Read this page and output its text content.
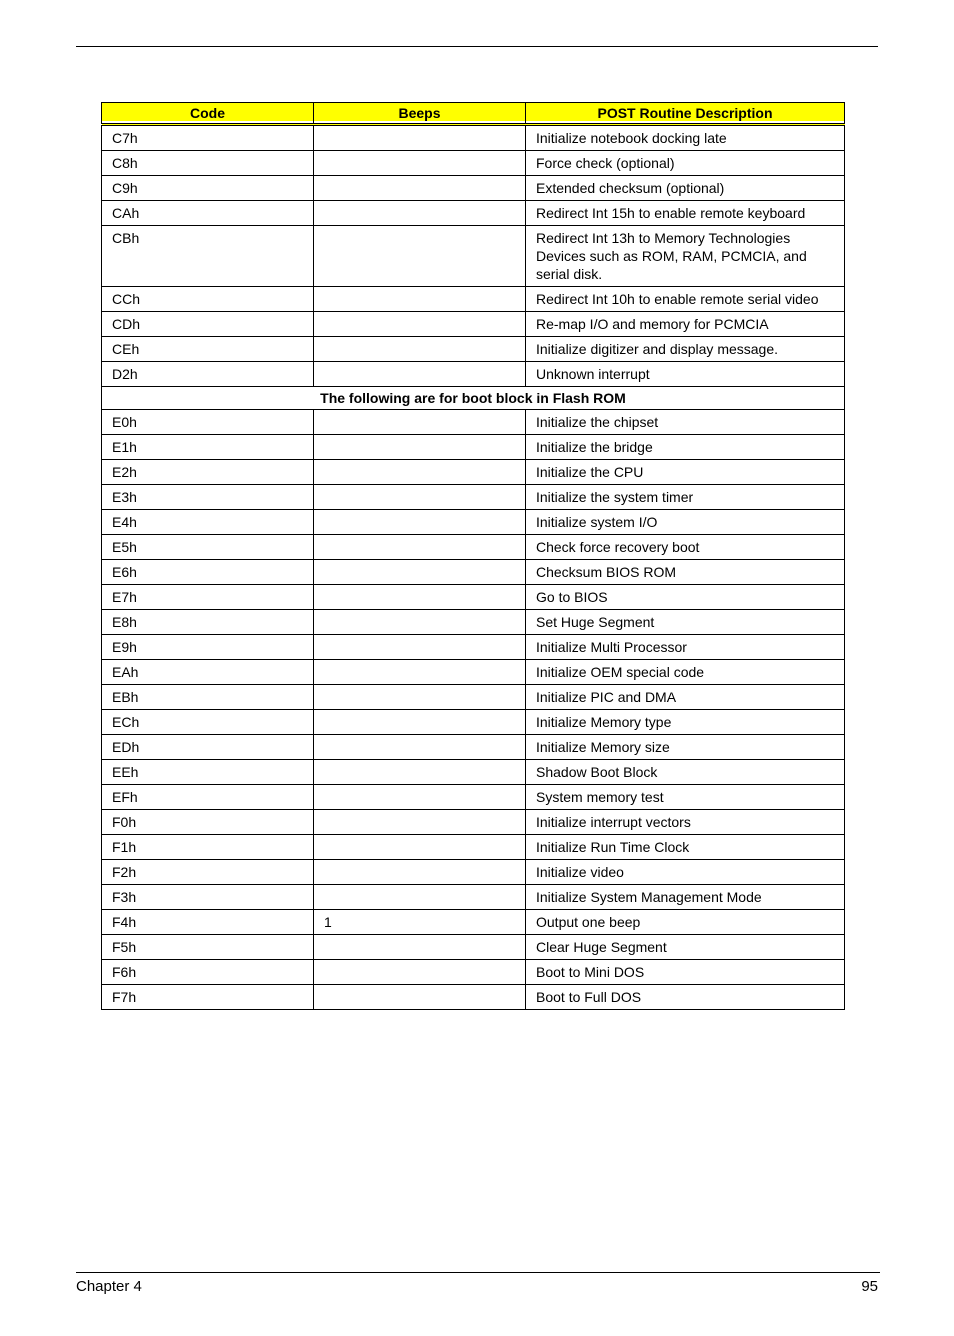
Code	Beeps	POST Routine Description
C7h		Initialize notebook docking late
C8h		Force check (optional)
C9h		Extended checksum (optional)
CAh		Redirect Int 15h to enable remote keyboard
CBh		Redirect Int 13h to Memory Technologies Devices such as ROM, RAM, PCMCIA, and serial disk.
CCh		Redirect Int 10h to enable remote serial video
CDh		Re-map I/O and memory for PCMCIA
CEh		Initialize digitizer and display message.
D2h		Unknown interrupt
The following are for boot block in Flash ROM		
E0h		Initialize the chipset
E1h		Initialize the bridge
E2h		Initialize the CPU
E3h		Initialize the system timer
E4h		Initialize system I/O
E5h		Check force recovery boot
E6h		Checksum BIOS ROM
E7h		Go to BIOS
E8h		Set Huge Segment
E9h		Initialize Multi Processor
EAh		Initialize OEM special code
EBh		Initialize PIC and DMA
ECh		Initialize Memory type
EDh		Initialize Memory size
EEh		Shadow Boot Block
EFh		System memory test
F0h		Initialize interrupt vectors
F1h		Initialize Run Time Clock
F2h		Initialize video
F3h		Initialize System Management Mode
F4h	1	Output one beep
F5h		Clear Huge Segment
F6h		Boot to Mini DOS
F7h		Boot to Full DOS
Chapter 4	95
